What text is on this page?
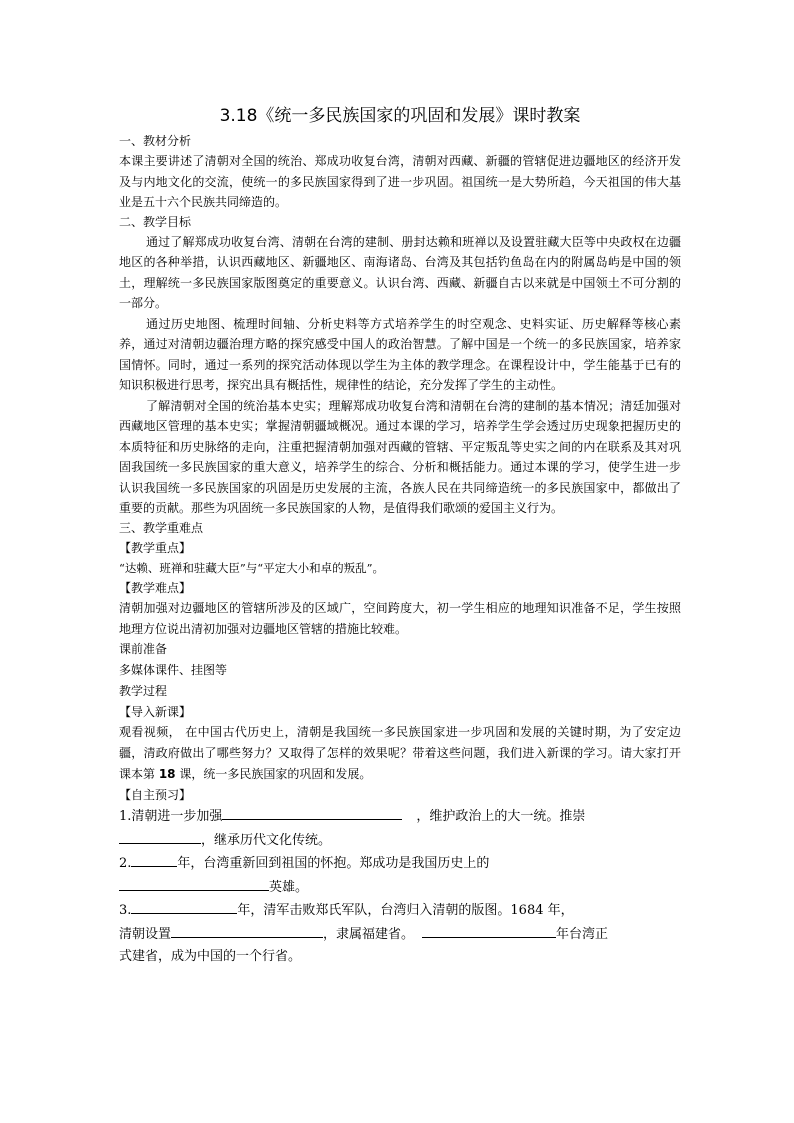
3.18《统一多民族国家的巩固和发展》课时教案
一、教材分析

本课主要讲述了清朝对全国的统治、郑成功收复台湾，清朝对西藏、新疆的管辖促进边疆地区的经济开发及与内地文化的交流，使统一的多民族国家得到了进一步巩固。祖国统一是大势所趋，今天祖国的伟大基业是五十六个民族共同缔造的。

二、教学目标

通过了解郑成功收复台湾、清朝在台湾的建制、册封达赖和班禅以及设置驻藏大臣等中央政权在边疆地区的各种举措，认识西藏地区、新疆地区、南海诸岛、台湾及其包括钓鱼岛在内的附属岛屿是中国的领土，理解统一多民族国家版图奠定的重要意义。认识台湾、西藏、新疆自古以来就是中国领土不可分割的一部分。

通过历史地图、梳理时间轴、分析史料等方式培养学生的时空观念、史料实证、历史解释等核心素养，通过对清朝边疆治理方略的探究感受中国人的政治智慧。了解中国是一个统一的多民族国家，培养家国情怀。同时，通过一系列的探究活动体现以学生为主体的教学理念。在课程设计中，学生能基于已有的知识积极进行思考，探究出具有概括性，规律性的结论，充分发挥了学生的主动性。

了解清朝对全国的统治基本史实；理解郑成功收复台湾和清朝在台湾的建制的基本情况；清廷加强对西藏地区管理的基本史实；掌握清朝疆域概况。通过本课的学习，培养学生学会透过历史现象把握历史的本质特征和历史脉络的走向，注重把握清朝加强对西藏的管辖、平定叛乱等史实之间的内在联系及其对巩固我国统一多民族国家的重大意义，培养学生的综合、分析和概括能力。通过本课的学习，使学生进一步认识我国统一多民族国家的巩固是历史发展的主流，各族人民在共同缔造统一的多民族国家中，都做出了重要的贡献。那些为巩固统一多民族国家的人物，是值得我们歌颂的爱国主义行为。

三、教学重难点
【教学重点】

“达赖、班禅和驻藏大臣”与“平定大小和卓的叛乱”。

【教学难点】

清朝加强对边疆地区的管辖所涉及的区域广，空间跨度大，初一学生相应的地理知识准备不足，学生按照地理方位说出清初加强对边疆地区管辖的措施比较难。

课前准备
多媒体课件、挂图等
教学过程
【导入新课】

观看视频， 在中国古代历史上，清朝是我国统一多民族国家进一步巩固和发展的关键时期，为了安定边疆，清政府做出了哪些努力？又取得了怎样的效果呢？带着这些问题，我们进入新课的学习。请大家打开课本第 18 课，统一多民族国家的巩固和发展。

【自主预习】
1.清朝进一步加强	，维护政治上的大一统。推崇
，继承历代文化传统。
2.	年，台湾重新回到祖国的怀抱。郑成功是我国历史上的
英雄。
3.	年，清军击败郑氏军队，台湾归入清朝的版图。1684 年，
清朝设置	，隶属福建省。	年台湾正
式建省，成为中国的一个行省。
